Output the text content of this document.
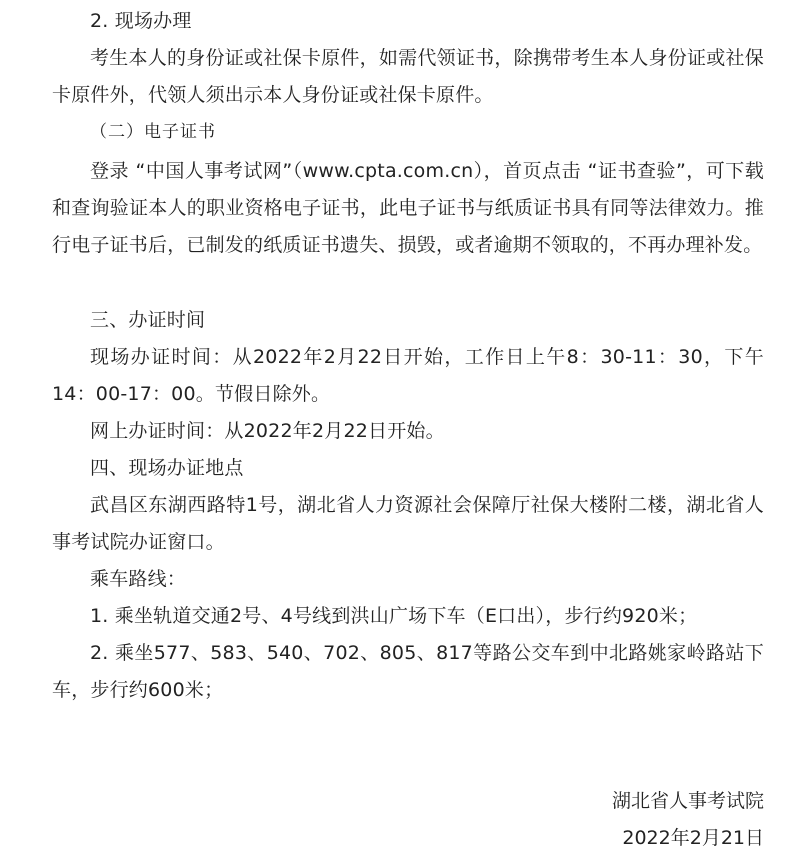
2. 现场办理

考生本人的身份证或社保卡原件，如需代领证书，除携带考生本人身份证或社保卡原件外，代领人须出示本人身份证或社保卡原件。

（二）电子证书

登录 “中国人事考试网”（www.cpta.com.cn），首页点击 “证书查验”，可下载和查询验证本人的职业资格电子证书，此电子证书与纸质证书具有同等法律效力。推行电子证书后，已制发的纸质证书遗失、损毁，或者逾期不领取的，不再办理补发。

三、办证时间

现场办证时间：从2022年2月22日开始，工作日上午8：30-11：30，下午14：00-17：00。节假日除外。

网上办证时间：从2022年2月22日开始。

四、现场办证地点

武昌区东湖西路特1号，湖北省人力资源社会保障厅社保大楼附二楼，湖北省人事考试院办证窗口。

乘车路线：

1. 乘坐轨道交通2号、4号线到洪山广场下车（E口出），步行约920米；

2. 乘坐577、583、540、702、805、817等路公交车到中北路姚家岭路站下车，步行约600米；

湖北省人事考试院

2022年2月21日
